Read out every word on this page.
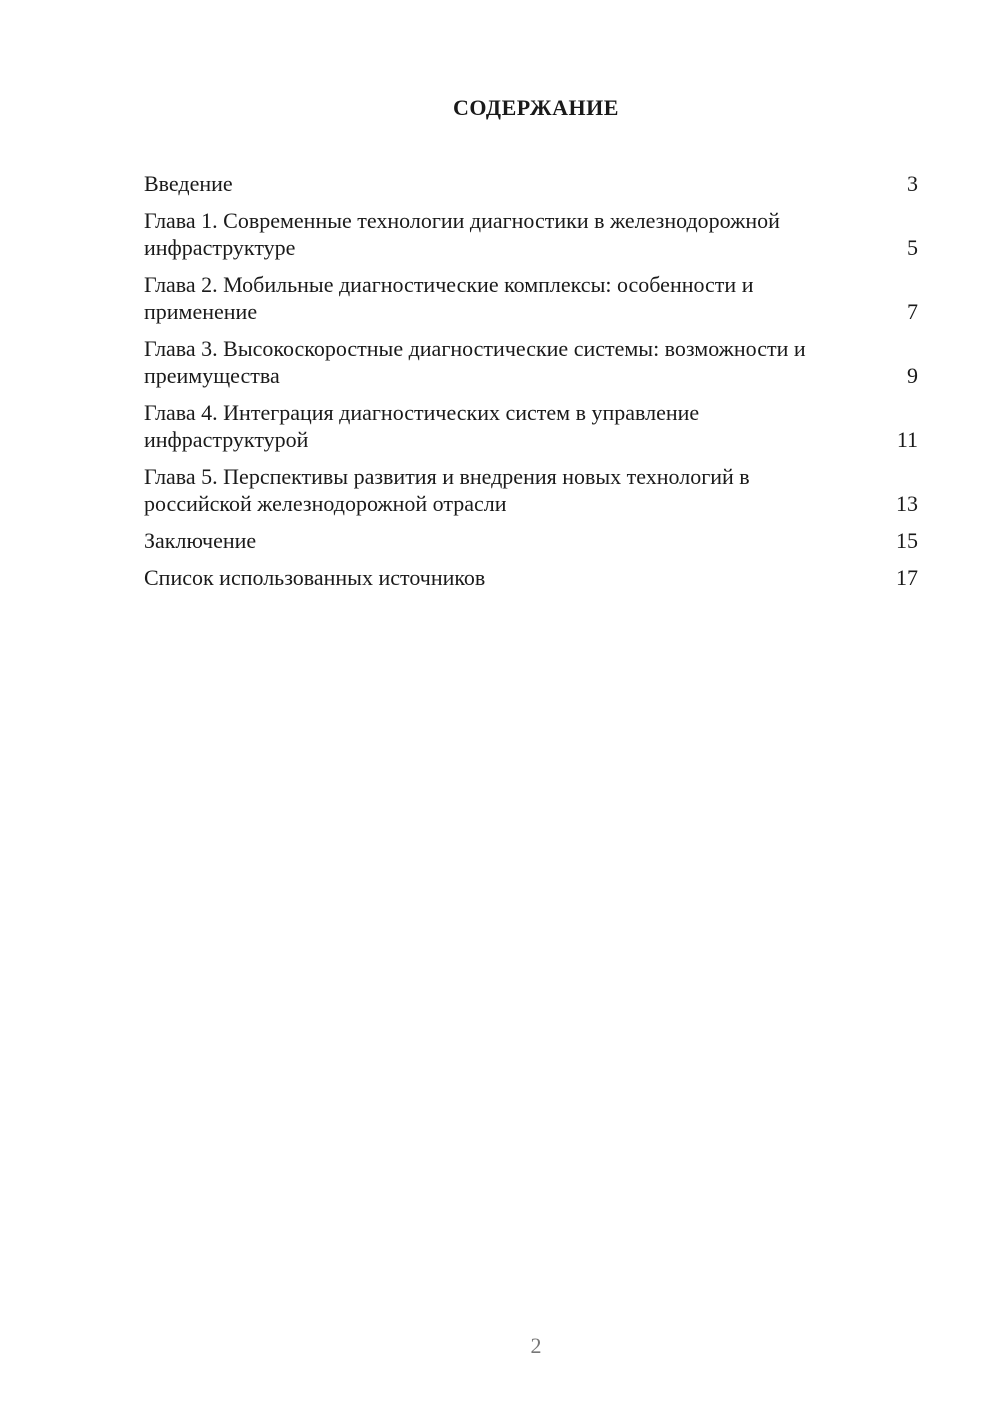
СОДЕРЖАНИЕ
Введение	3
Глава 1. Современные технологии диагностики в железнодорожной инфраструктуре	5
Глава 2. Мобильные диагностические комплексы: особенности и применение	7
Глава 3. Высокоскоростные диагностические системы: возможности и преимущества	9
Глава 4. Интеграция диагностических систем в управление инфраструктурой	11
Глава 5. Перспективы развития и внедрения новых технологий в российской железнодорожной отрасли	13
Заключение	15
Список использованных источников	17
2
